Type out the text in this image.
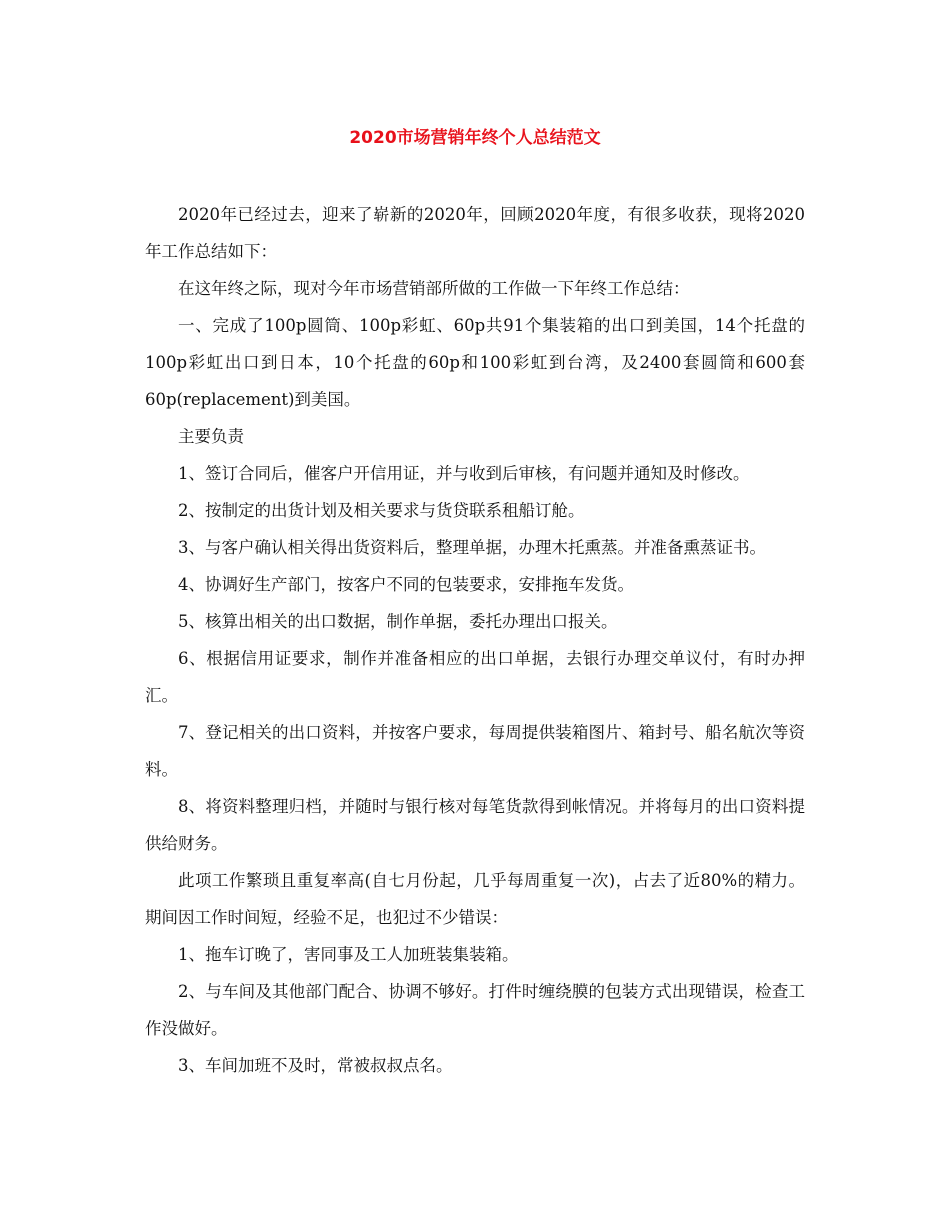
2020市场营销年终个人总结范文

2020年已经过去，迎来了崭新的2020年，回顾2020年度，有很多收获，现将2020年工作总结如下：

在这年终之际，现对今年市场营销部所做的工作做一下年终工作总结：

一、完成了100p圆筒、100p彩虹、60p共91个集装箱的出口到美国，14个托盘的100p彩虹出口到日本，10个托盘的60p和100彩虹到台湾，及2400套圆筒和600套60p(replacement)到美国。

主要负责

1、签订合同后，催客户开信用证，并与收到后审核，有问题并通知及时修改。

2、按制定的出货计划及相关要求与货贷联系租船订舱。

3、与客户确认相关得出货资料后，整理单据，办理木托熏蒸。并准备熏蒸证书。

4、协调好生产部门，按客户不同的包装要求，安排拖车发货。

5、核算出相关的出口数据，制作单据，委托办理出口报关。

6、根据信用证要求，制作并准备相应的出口单据，去银行办理交单议付，有时办押汇。

7、登记相关的出口资料，并按客户要求，每周提供装箱图片、箱封号、船名航次等资料。

8、将资料整理归档，并随时与银行核对每笔货款得到帐情况。并将每月的出口资料提供给财务。

此项工作繁琐且重复率高(自七月份起，几乎每周重复一次)，占去了近80%的精力。期间因工作时间短，经验不足，也犯过不少错误：

1、拖车订晚了，害同事及工人加班装集装箱。

2、与车间及其他部门配合、协调不够好。打件时缠绕膜的包装方式出现错误，检查工作没做好。

3、车间加班不及时，常被叔叔点名。
